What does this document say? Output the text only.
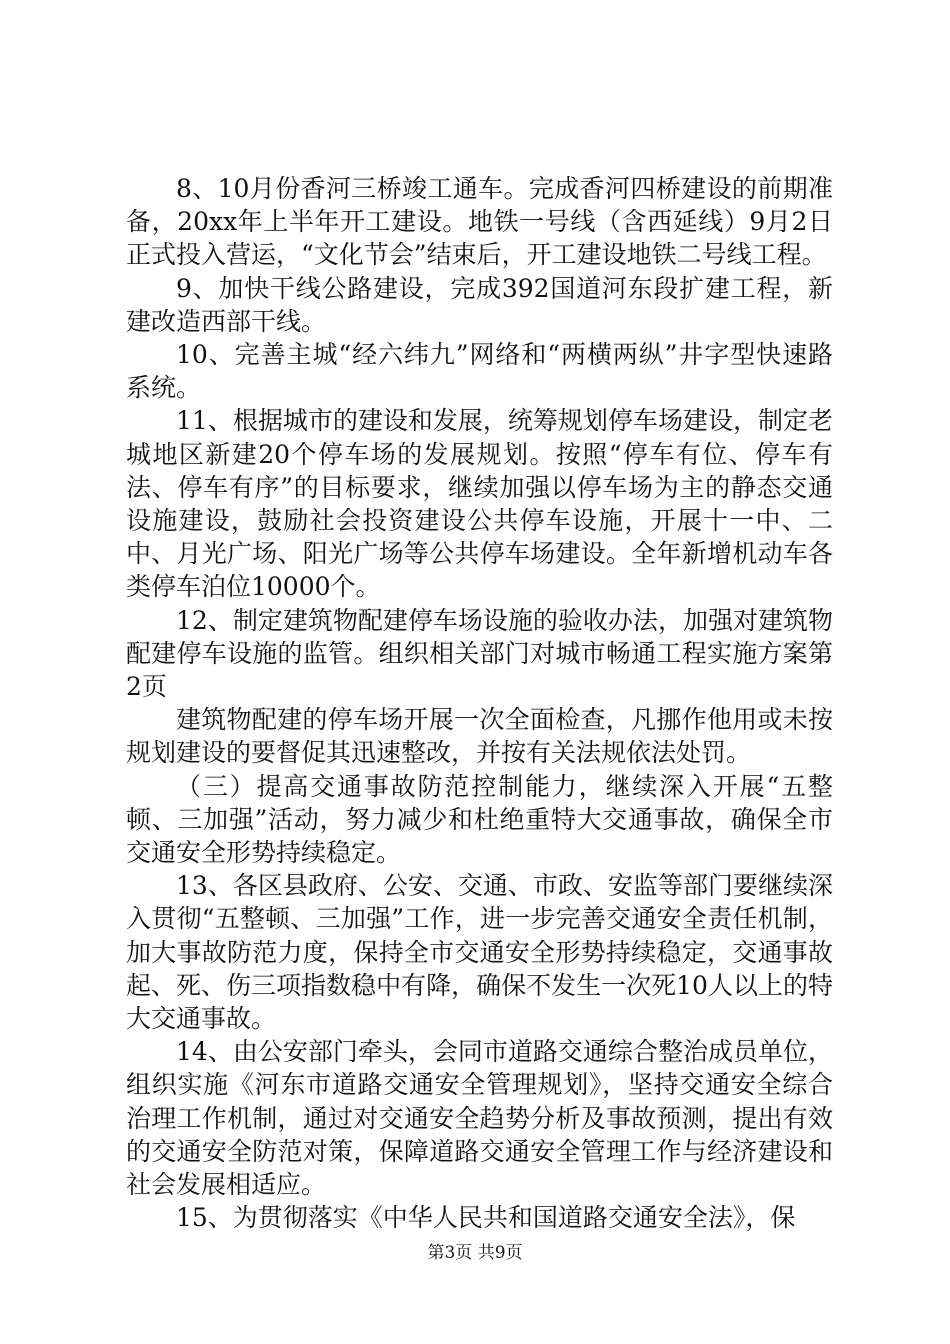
8、10月份香河三桥竣工通车。完成香河四桥建设的前期准备，20xx年上半年开工建设。地铁一号线（含西延线）9月2日正式投入营运，“文化节会”结束后，开工建设地铁二号线工程。

9、加快干线公路建设，完成392国道河东段扩建工程，新建改造西部干线。

10、完善主城“经六纬九”网络和“两横两纵”井字型快速路系统。

11、根据城市的建设和发展，统筹规划停车场建设，制定老城地区新建20个停车场的发展规划。按照“停车有位、停车有法、停车有序”的目标要求，继续加强以停车场为主的静态交通设施建设，鼓励社会投资建设公共停车设施，开展十一中、二中、月光广场、阳光广场等公共停车场建设。全年新增机动车各类停车泊位10000个。

12、制定建筑物配建停车场设施的验收办法，加强对建筑物配建停车设施的监管。组织相关部门对城市畅通工程实施方案第2页

建筑物配建的停车场开展一次全面检查，凡挪作他用或未按规划建设的要督促其迅速整改，并按有关法规依法处罚。

（三）提高交通事故防范控制能力，继续深入开展“五整顿、三加强”活动，努力减少和杜绝重特大交通事故，确保全市交通安全形势持续稳定。

13、各区县政府、公安、交通、市政、安监等部门要继续深入贯彻“五整顿、三加强”工作，进一步完善交通安全责任机制，加大事故防范力度，保持全市交通安全形势持续稳定，交通事故起、死、伤三项指数稳中有降，确保不发生一次死10人以上的特大交通事故。

14、由公安部门牵头，会同市道路交通综合整治成员单位，组织实施《河东市道路交通安全管理规划》，坚持交通安全综合治理工作机制，通过对交通安全趋势分析及事故预测，提出有效的交通安全防范对策，保障道路交通安全管理工作与经济建设和社会发展相适应。

15、为贯彻落实《中华人民共和国道路交通安全法》，保

第3页 共9页
